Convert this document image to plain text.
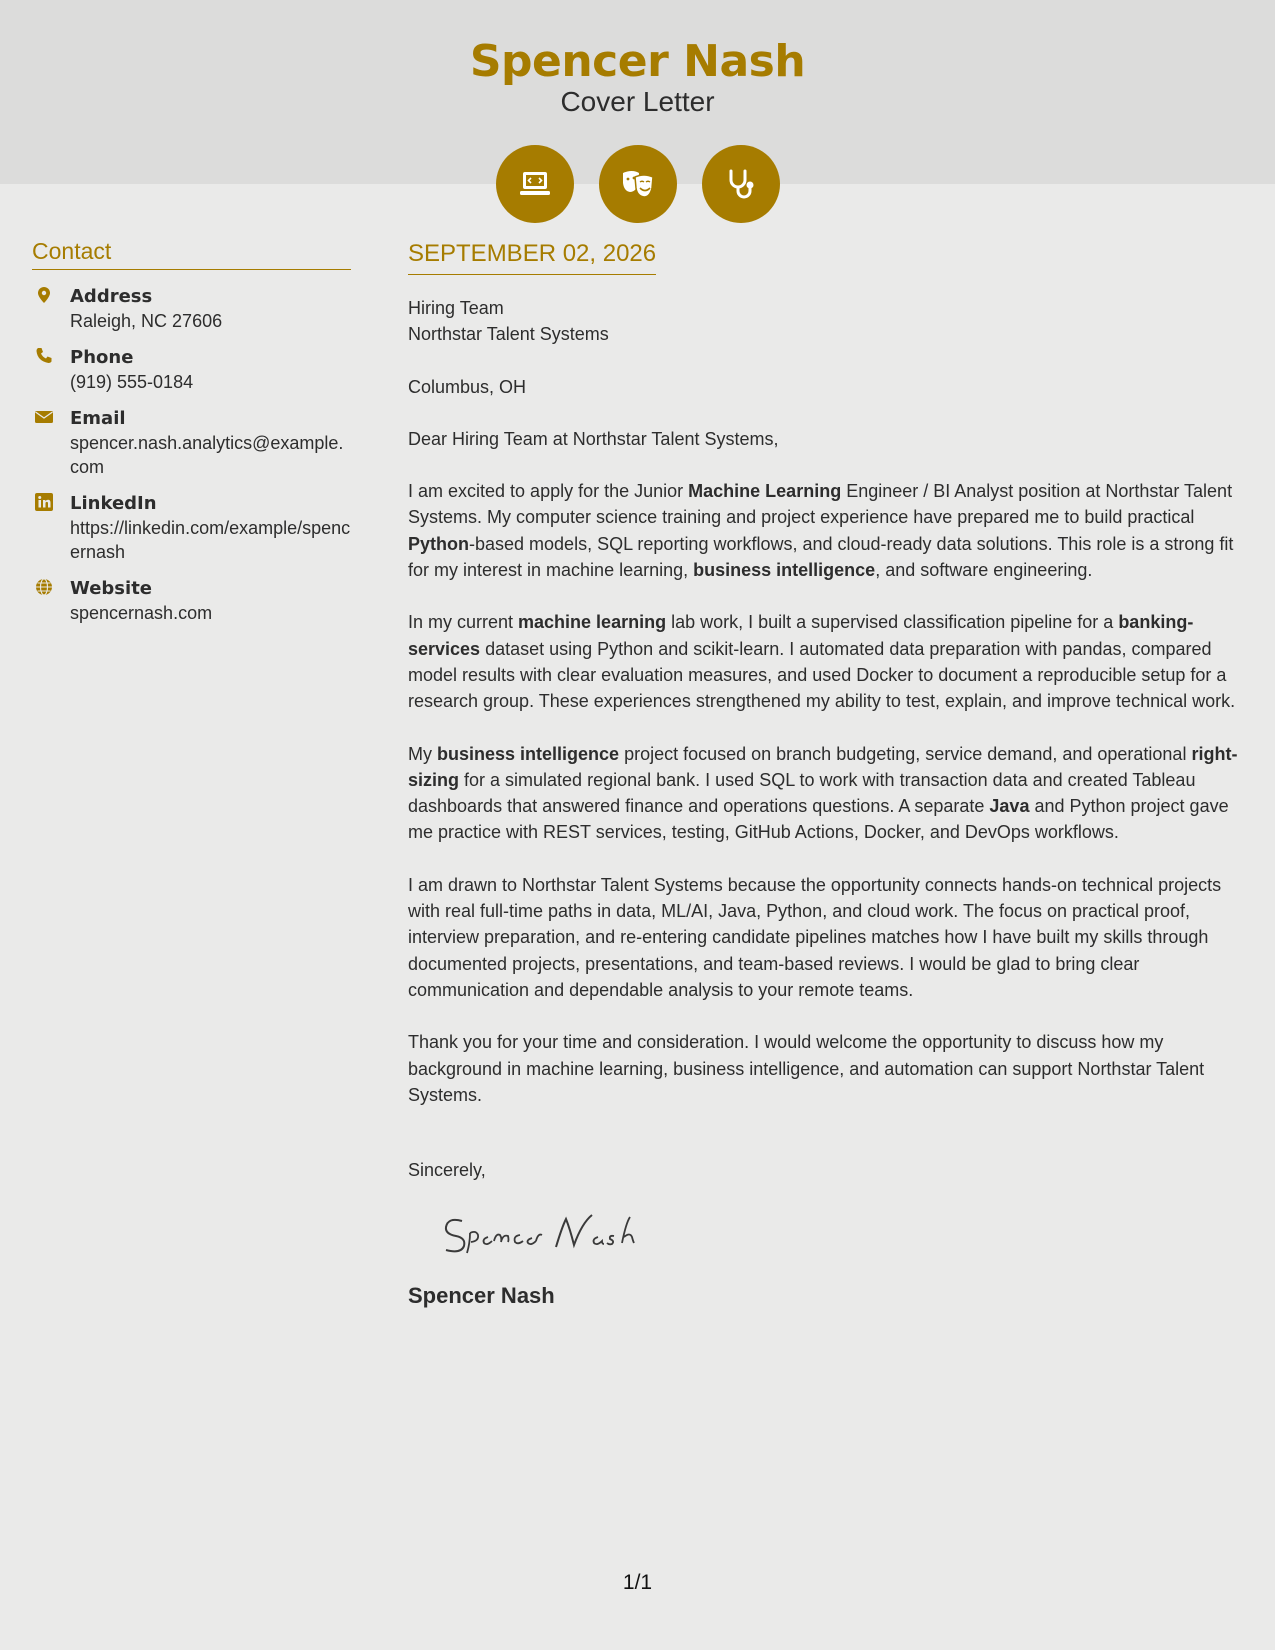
Spencer Nash
Cover Letter
Contact
Address
Raleigh, NC 27606
Phone
(919) 555-0184
Email
spencer.nash.analytics@example.com
LinkedIn
https://linkedin.com/example/spencernash
Website
spencernash.com
SEPTEMBER 02, 2026
Hiring Team
Northstar Talent Systems
Columbus, OH
Dear Hiring Team at Northstar Talent Systems,
I am excited to apply for the Junior Machine Learning Engineer / BI Analyst position at Northstar Talent Systems. My computer science training and project experience have prepared me to build practical Python-based models, SQL reporting workflows, and cloud-ready data solutions. This role is a strong fit for my interest in machine learning, business intelligence, and software engineering.
In my current machine learning lab work, I built a supervised classification pipeline for a banking-services dataset using Python and scikit-learn. I automated data preparation with pandas, compared model results with clear evaluation measures, and used Docker to document a reproducible setup for a research group. These experiences strengthened my ability to test, explain, and improve technical work.
My business intelligence project focused on branch budgeting, service demand, and operational right-sizing for a simulated regional bank. I used SQL to work with transaction data and created Tableau dashboards that answered finance and operations questions. A separate Java and Python project gave me practice with REST services, testing, GitHub Actions, Docker, and DevOps workflows.
I am drawn to Northstar Talent Systems because the opportunity connects hands-on technical projects with real full-time paths in data, ML/AI, Java, Python, and cloud work. The focus on practical proof, interview preparation, and re-entering candidate pipelines matches how I have built my skills through documented projects, presentations, and team-based reviews. I would be glad to bring clear communication and dependable analysis to your remote teams.
Thank you for your time and consideration. I would welcome the opportunity to discuss how my background in machine learning, business intelligence, and automation can support Northstar Talent Systems.
Sincerely,
Spencer Nash
1/1
